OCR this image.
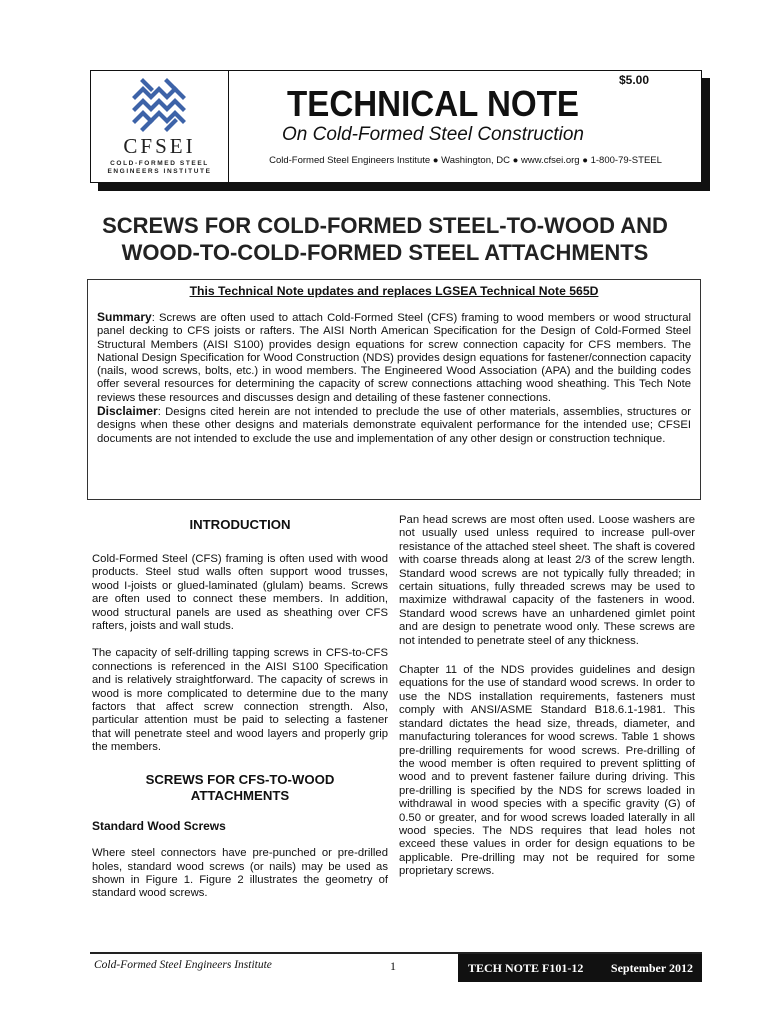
CFSEI
COLD-FORMED STEEL
ENGINEERS INSTITUTE
$5.00
TECHNICAL NOTE
On Cold-Formed Steel Construction
Cold-Formed Steel Engineers Institute ● Washington, DC ● www.cfsei.org ● 1-800-79-STEEL
SCREWS FOR COLD-FORMED STEEL-TO-WOOD AND
WOOD-TO-COLD-FORMED STEEL ATTACHMENTS
This Technical Note updates and replaces LGSEA Technical Note 565D

Summary: Screws are often used to attach Cold-Formed Steel (CFS) framing to wood members or wood structural panel decking to CFS joists or rafters. The AISI North American Specification for the Design of Cold-Formed Steel Structural Members (AISI S100) provides design equations for screw connection capacity for CFS members. The National Design Specification for Wood Construction (NDS) provides design equations for fastener/connection capacity (nails, wood screws, bolts, etc.) in wood members. The Engineered Wood Association (APA) and the building codes offer several resources for determining the capacity of screw connections attaching wood sheathing. This Tech Note reviews these resources and discusses design and detailing of these fastener connections.

Disclaimer: Designs cited herein are not intended to preclude the use of other materials, assemblies, structures or designs when these other designs and materials demonstrate equivalent performance for the intended use; CFSEI documents are not intended to exclude the use and implementation of any other design or construction technique.

INTRODUCTION

Cold-Formed Steel (CFS) framing is often used with wood products. Steel stud walls often support wood trusses, wood I-joists or glued-laminated (glulam) beams. Screws are often used to connect these members. In addition, wood structural panels are used as sheathing over CFS rafters, joists and wall studs.

The capacity of self-drilling tapping screws in CFS-to-CFS connections is referenced in the AISI S100 Specification and is relatively straightforward. The capacity of screws in wood is more complicated to determine due to the many factors that affect screw connection strength. Also, particular attention must be paid to selecting a fastener that will penetrate steel and wood layers and properly grip the members.

SCREWS FOR CFS-TO-WOOD
ATTACHMENTS
Standard Wood Screws

Where steel connectors have pre-punched or pre-drilled holes, standard wood screws (or nails) may be used as shown in Figure 1. Figure 2 illustrates the geometry of standard wood screws.

Pan head screws are most often used. Loose washers are not usually used unless required to increase pull-over resistance of the attached steel sheet. The shaft is covered with coarse threads along at least 2/3 of the screw length. Standard wood screws are not typically fully threaded; in certain situations, fully threaded screws may be used to maximize withdrawal capacity of the fasteners in wood. Standard wood screws have an unhardened gimlet point and are design to penetrate wood only. These screws are not intended to penetrate steel of any thickness.

Chapter 11 of the NDS provides guidelines and design equations for the use of standard wood screws. In order to use the NDS installation requirements, fasteners must comply with ANSI/ASME Standard B18.6.1-1981. This standard dictates the head size, threads, diameter, and manufacturing tolerances for wood screws. Table 1 shows pre-drilling requirements for wood screws. Pre-drilling of the wood member is often required to prevent splitting of wood and to prevent fastener failure during driving. This pre-drilling is specified by the NDS for screws loaded in withdrawal in wood species with a specific gravity (G) of 0.50 or greater, and for wood screws loaded laterally in all wood species. The NDS requires that lead holes not exceed these values in order for design equations to be applicable. Pre-drilling may not be required for some proprietary screws.

Cold-Formed Steel Engineers Institute	1	TECH NOTE F101-12 September 2012
